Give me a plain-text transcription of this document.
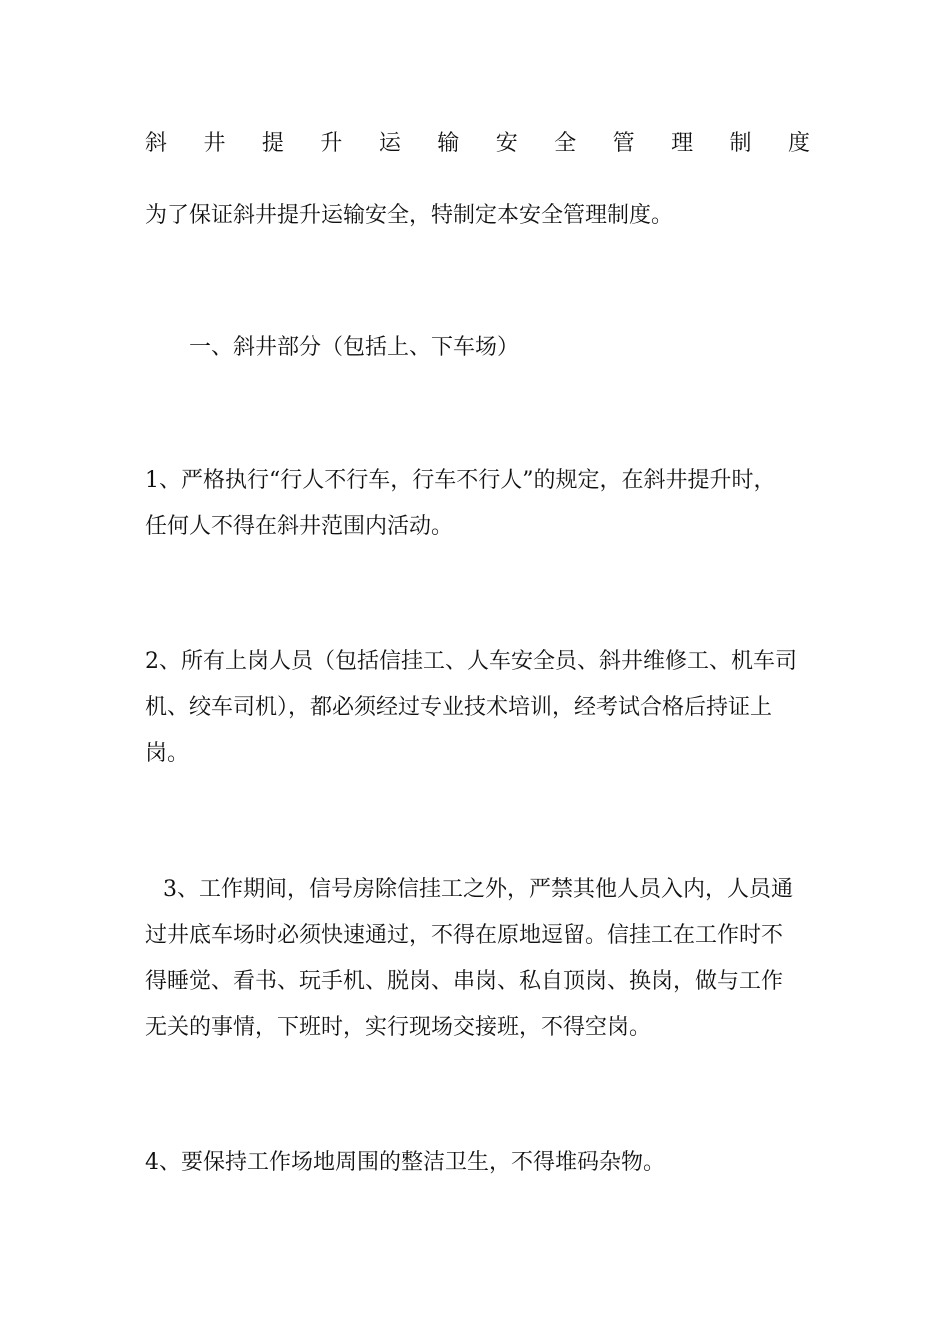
斜 井 提 升 运 输 安 全 管 理 制 度
为了保证斜井提升运输安全，特制定本安全管理制度。
一、斜井部分（包括上、下车场）
1、严格执行“行人不行车，行车不行人”的规定，在斜井提升时，
任何人不得在斜井范围内活动。
2、所有上岗人员（包括信挂工、人车安全员、斜井维修工、机车司
机、绞车司机），都必须经过专业技术培训，经考试合格后持证上
岗。
3、工作期间，信号房除信挂工之外，严禁其他人员入内，人员通
过井底车场时必须快速通过，不得在原地逗留。信挂工在工作时不
得睡觉、看书、玩手机、脱岗、串岗、私自顶岗、换岗，做与工作
无关的事情，下班时，实行现场交接班，不得空岗。
4、要保持工作场地周围的整洁卫生，不得堆码杂物。
